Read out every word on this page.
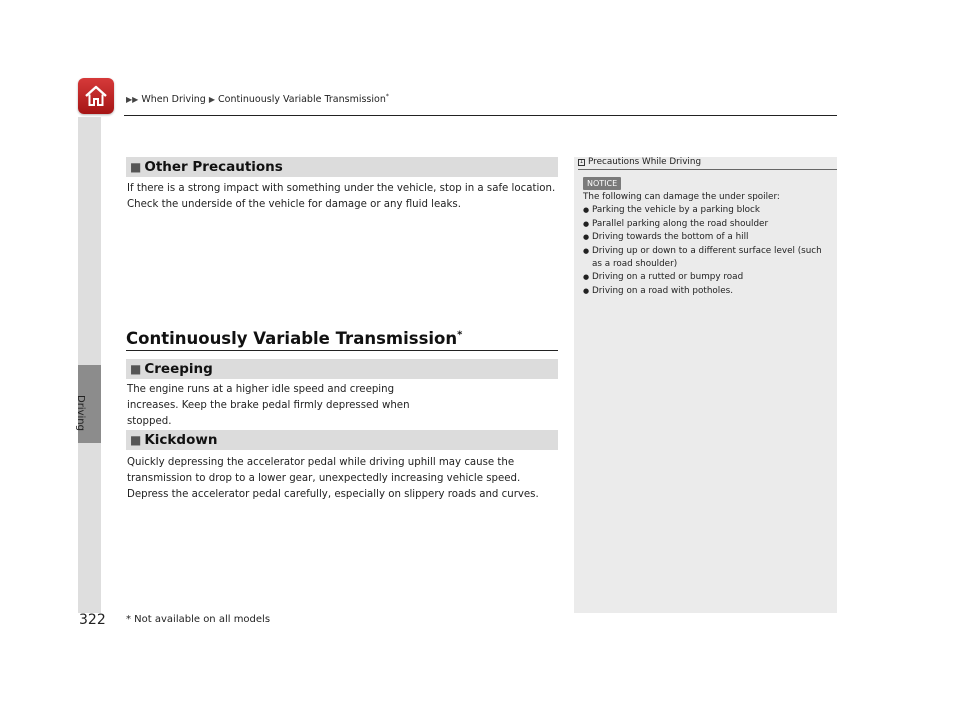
▶▶ When Driving ▶ Continuously Variable Transmission*
Driving
■ Other Precautions
If there is a strong impact with something under the vehicle, stop in a safe location. Check the underside of the vehicle for damage or any fluid leaks.
Continuously Variable Transmission*
■ Creeping
The engine runs at a higher idle speed and creeping increases. Keep the brake pedal firmly depressed when stopped.
■ Kickdown
Quickly depressing the accelerator pedal while driving uphill may cause the transmission to drop to a lower gear, unexpectedly increasing vehicle speed. Depress the accelerator pedal carefully, especially on slippery roads and curves.
1 Precautions While Driving
NOTICE
The following can damage the under spoiler:
● Parking the vehicle by a parking block
● Parallel parking along the road shoulder
● Driving towards the bottom of a hill
● Driving up or down to a different surface level (such as a road shoulder)
● Driving on a rutted or bumpy road
● Driving on a road with potholes.
322 * Not available on all models
